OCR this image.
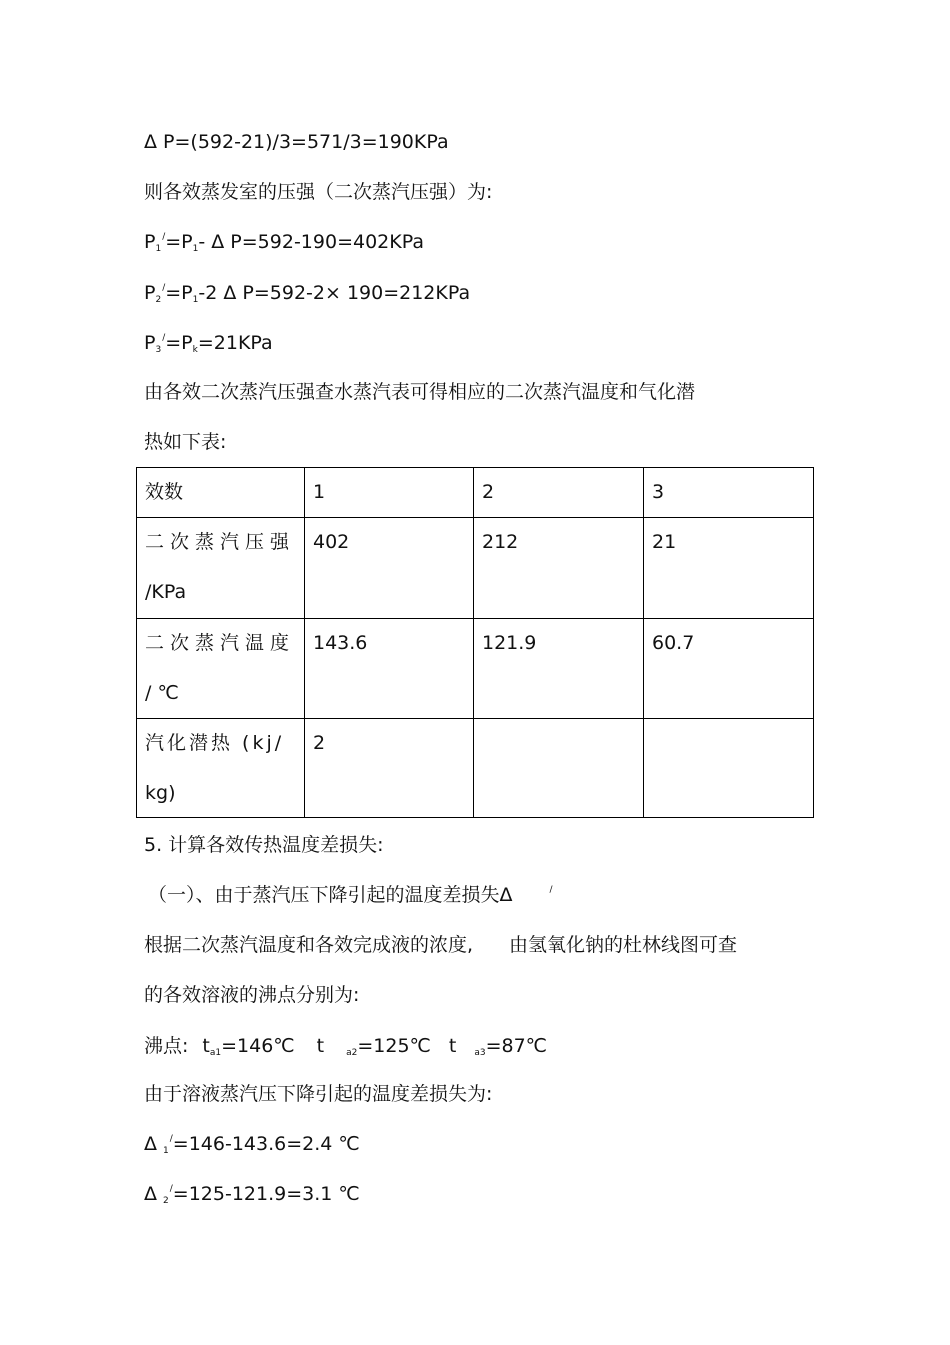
Δ P=(592-21)/3=571/3=190KPa
则各效蒸发室的压强（二次蒸汽压强）为:
$P_1^/=P_1-$ Δ P=592-190=402KPa
$P_2^/=P_1-2$ Δ P=592-2× 190=212KPa
$P_3^/=P_k=21KPa$
由各效二次蒸汽压强查水蒸汽表可得相应的二次蒸汽温度和气化潜
热如下表:
效数	1	2	3

二次蒸汽压强
/KPa	402	212	21

二次蒸汽温度
/ ℃	143.6	121.9	60.7

汽化潜热 (kj/
kg)	2		
5. 计算各效传热温度差损失:
（一）、由于蒸汽压下降引起的温度差损失Δ	/
根据二次蒸汽温度和各效完成液的浓度, 由氢氧化钠的杜林线图可查
的各效溶液的沸点分别为:
沸点: $t_{a1}=146℃$ t $_{a2}$=125℃ t $_{a3}$=87℃
由于溶液蒸汽压下降引起的温度差损失为:
Δ $_1$/=146-143.6=2.4 ℃
Δ $_2$/=125-121.9=3.1 ℃
